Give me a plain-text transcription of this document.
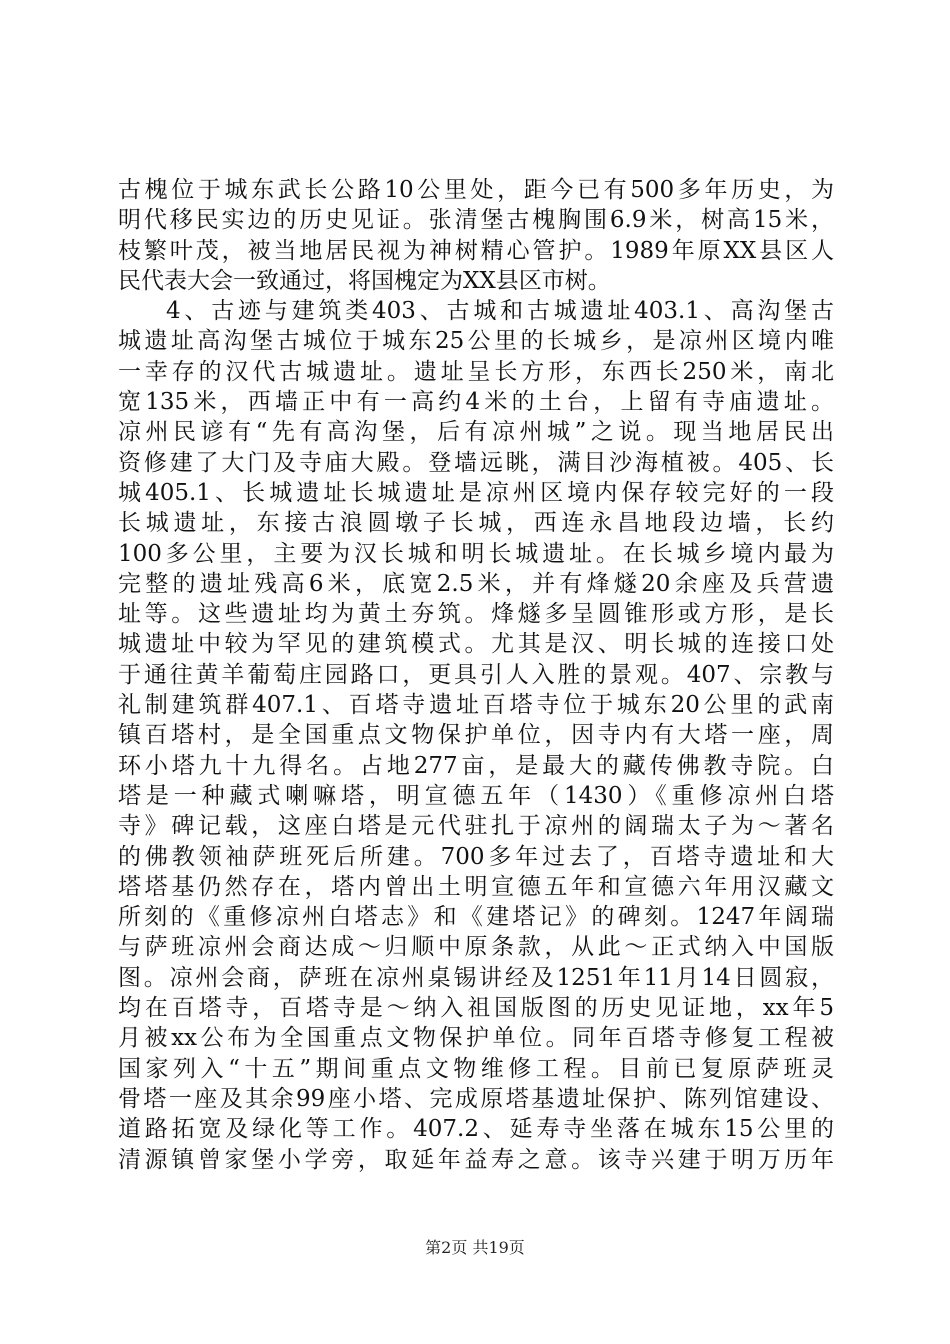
古槐位于城东武长公路10公里处，距今已有500多年历史，为
明代移民实边的历史见证。张清堡古槐胸围6.9米，树高15米，
枝繁叶茂，被当地居民视为神树精心管护。1989年原XX县区人
民代表大会一致通过，将国槐定为XX县区市树。
4、古迹与建筑类403、古城和古城遗址403.1、高沟堡古
城遗址高沟堡古城位于城东25公里的长城乡，是凉州区境内唯
一幸存的汉代古城遗址。遗址呈长方形，东西长250米，南北
宽135米，西墙正中有一高约4米的土台，上留有寺庙遗址。
凉州民谚有“先有高沟堡，后有凉州城”之说。现当地居民出
资修建了大门及寺庙大殿。登墙远眺，满目沙海植被。405、长
城405.1、长城遗址长城遗址是凉州区境内保存较完好的一段
长城遗址，东接古浪圆墩子长城，西连永昌地段边墙，长约
100多公里，主要为汉长城和明长城遗址。在长城乡境内最为
完整的遗址残高6米，底宽2.5米，并有烽燧20余座及兵营遗
址等。这些遗址均为黄土夯筑。烽燧多呈圆锥形或方形，是长
城遗址中较为罕见的建筑模式。尤其是汉、明长城的连接口处
于通往黄羊葡萄庄园路口，更具引人入胜的景观。407、宗教与
礼制建筑群407.1、百塔寺遗址百塔寺位于城东20公里的武南
镇百塔村，是全国重点文物保护单位，因寺内有大塔一座，周
环小塔九十九得名。占地277亩，是最大的藏传佛教寺院。白
塔是一种藏式喇嘛塔，明宣德五年（1430）《重修凉州白塔
寺》碑记载，这座白塔是元代驻扎于凉州的阔瑞太子为～著名
的佛教领袖萨班死后所建。700多年过去了，百塔寺遗址和大
塔塔基仍然存在，塔内曾出土明宣德五年和宣德六年用汉藏文
所刻的《重修凉州白塔志》和《建塔记》的碑刻。1247年阔瑞
与萨班凉州会商达成～归顺中原条款，从此～正式纳入中国版
图。凉州会商，萨班在凉州桌锡讲经及1251年11月14日圆寂，
均在百塔寺，百塔寺是～纳入祖国版图的历史见证地，xx年5
月被xx公布为全国重点文物保护单位。同年百塔寺修复工程被
国家列入“十五”期间重点文物维修工程。目前已复原萨班灵
骨塔一座及其余99座小塔、完成原塔基遗址保护、陈列馆建设、
道路拓宽及绿化等工作。407.2、延寿寺坐落在城东15公里的
清源镇曾家堡小学旁，取延年益寿之意。该寺兴建于明万历年
第2页 共19页
